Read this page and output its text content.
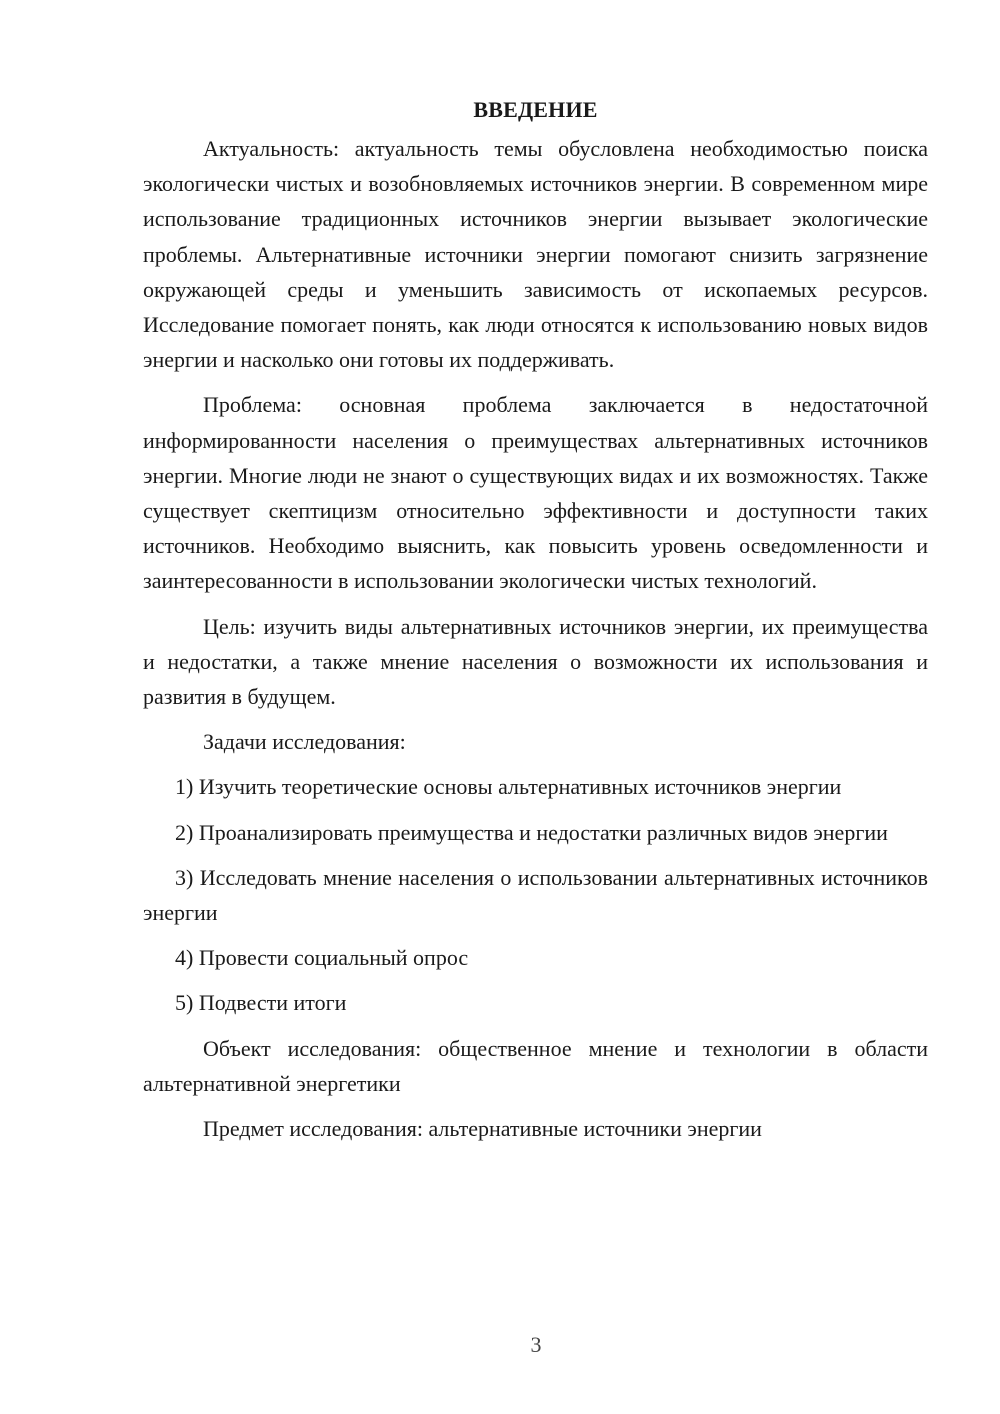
ВВЕДЕНИЕ

Актуальность: актуальность темы обусловлена необходимостью поиска экологически чистых и возобновляемых источников энергии. В современном мире использование традиционных источников энергии вызывает экологические проблемы. Альтернативные источники энергии помогают снизить загрязнение окружающей среды и уменьшить зависимость от ископаемых ресурсов. Исследование помогает понять, как люди относятся к использованию новых видов энергии и насколько они готовы их поддерживать.

Проблема: основная проблема заключается в недостаточной информированности населения о преимуществах альтернативных источников энергии. Многие люди не знают о существующих видах и их возможностях. Также существует скептицизм относительно эффективности и доступности таких источников. Необходимо выяснить, как повысить уровень осведомленности и заинтересованности в использовании экологически чистых технологий.

Цель: изучить виды альтернативных источников энергии, их преимущества и недостатки, а также мнение населения о возможности их использования и развития в будущем.

Задачи исследования:

1) Изучить теоретические основы альтернативных источников энергии

2) Проанализировать преимущества и недостатки различных видов энергии

3) Исследовать мнение населения о использовании альтернативных источников энергии

4) Провести социальный опрос

5) Подвести итоги

Объект исследования: общественное мнение и технологии в области альтернативной энергетики

Предмет исследования: альтернативные источники энергии

3
